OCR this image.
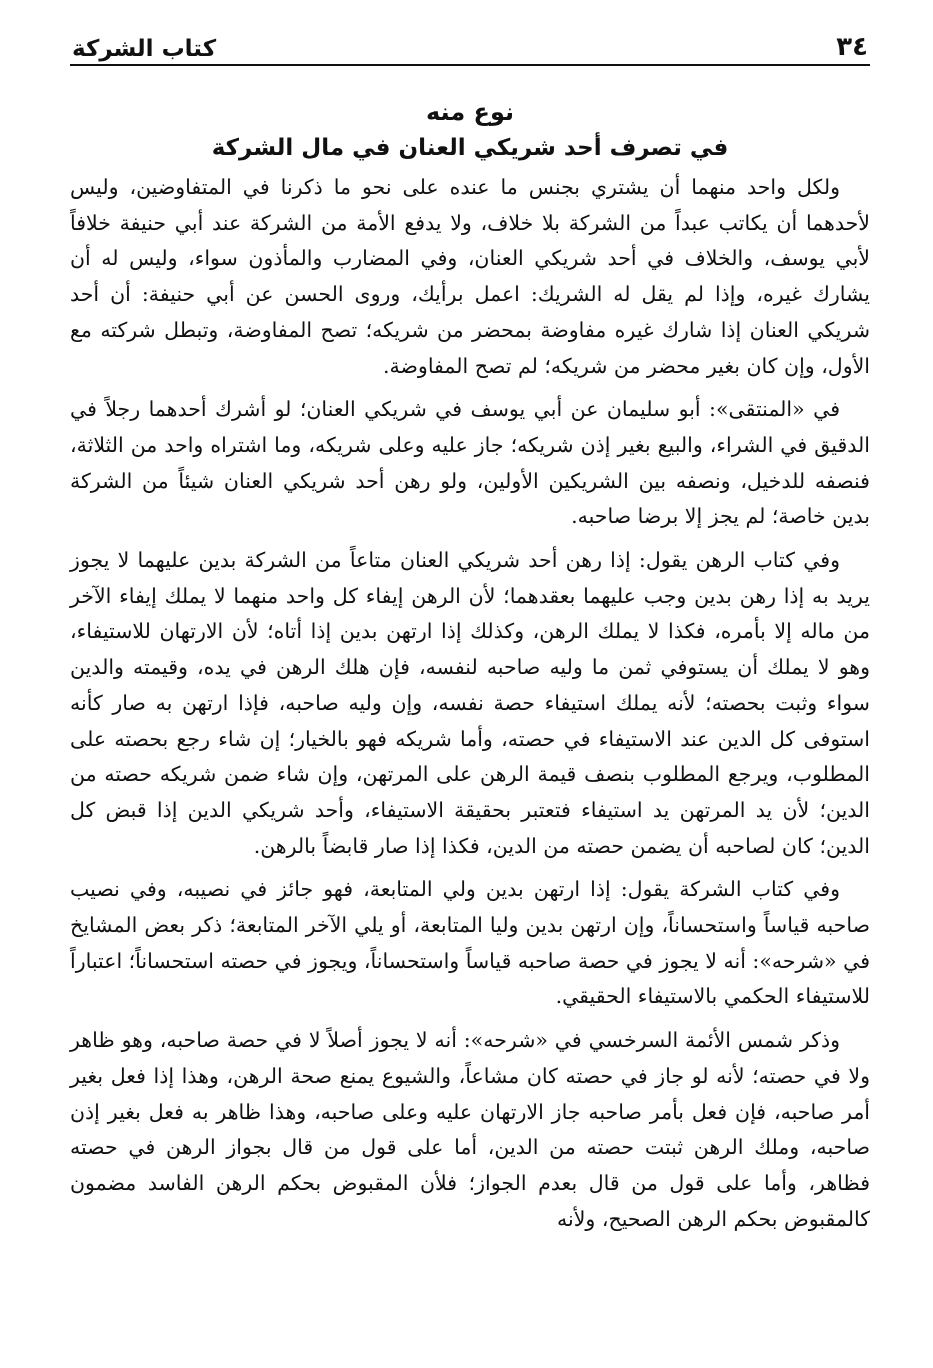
٣٤
كتاب الشركة
نوع منه
في تصرف أحد شريكي العنان في مال الشركة

ولكل واحد منهما أن يشتري بجنس ما عنده على نحو ما ذكرنا في المتفاوضين، وليس لأحدهما أن يكاتب عبداً من الشركة بلا خلاف، ولا يدفع الأمة من الشركة عند أبي حنيفة خلافاً لأبي يوسف، والخلاف في أحد شريكي العنان، وفي المضارب والمأذون سواء، وليس له أن يشارك غيره، وإذا لم يقل له الشريك: اعمل برأيك، وروى الحسن عن أبي حنيفة: أن أحد شريكي العنان إذا شارك غيره مفاوضة بمحضر من شريكه؛ تصح المفاوضة، وتبطل شركته مع الأول، وإن كان بغير محضر من شريكه؛ لم تصح المفاوضة.

في «المنتقى»: أبو سليمان عن أبي يوسف في شريكي العنان؛ لو أشرك أحدهما رجلاً في الدقيق في الشراء، والبيع بغير إذن شريكه؛ جاز عليه وعلى شريكه، وما اشتراه واحد من الثلاثة، فنصفه للدخيل، ونصفه بين الشريكين الأولين، ولو رهن أحد شريكي العنان شيئاً من الشركة بدين خاصة؛ لم يجز إلا برضا صاحبه.

وفي كتاب الرهن يقول: إذا رهن أحد شريكي العنان متاعاً من الشركة بدين عليهما لا يجوز يريد به إذا رهن بدين وجب عليهما بعقدهما؛ لأن الرهن إيفاء كل واحد منهما لا يملك إيفاء الآخر من ماله إلا بأمره، فكذا لا يملك الرهن، وكذلك إذا ارتهن بدين إذا أتاه؛ لأن الارتهان للاستيفاء، وهو لا يملك أن يستوفي ثمن ما وليه صاحبه لنفسه، فإن هلك الرهن في يده، وقيمته والدين سواء وثبت بحصته؛ لأنه يملك استيفاء حصة نفسه، وإن وليه صاحبه، فإذا ارتهن به صار كأنه استوفى كل الدين عند الاستيفاء في حصته، وأما شريكه فهو بالخيار؛ إن شاء رجع بحصته على المطلوب، ويرجع المطلوب بنصف قيمة الرهن على المرتهن، وإن شاء ضمن شريكه حصته من الدين؛ لأن يد المرتهن يد استيفاء فتعتبر بحقيقة الاستيفاء، وأحد شريكي الدين إذا قبض كل الدين؛ كان لصاحبه أن يضمن حصته من الدين، فكذا إذا صار قابضاً بالرهن.

وفي كتاب الشركة يقول: إذا ارتهن بدين ولي المتابعة، فهو جائز في نصيبه، وفي نصيب صاحبه قياساً واستحساناً، وإن ارتهن بدين وليا المتابعة، أو يلي الآخر المتابعة؛ ذكر بعض المشايخ في «شرحه»: أنه لا يجوز في حصة صاحبه قياساً واستحساناً، ويجوز في حصته استحساناً؛ اعتباراً للاستيفاء الحكمي بالاستيفاء الحقيقي.

وذكر شمس الأئمة السرخسي في «شرحه»: أنه لا يجوز أصلاً لا في حصة صاحبه، وهو ظاهر ولا في حصته؛ لأنه لو جاز في حصته كان مشاعاً، والشيوع يمنع صحة الرهن، وهذا إذا فعل بغير أمر صاحبه، فإن فعل بأمر صاحبه جاز الارتهان عليه وعلى صاحبه، وهذا ظاهر به فعل بغير إذن صاحبه، وملك الرهن ثبتت حصته من الدين، أما على قول من قال بجواز الرهن في حصته فظاهر، وأما على قول من قال بعدم الجواز؛ فلأن المقبوض بحكم الرهن الفاسد مضمون كالمقبوض بحكم الرهن الصحيح، ولأنه
